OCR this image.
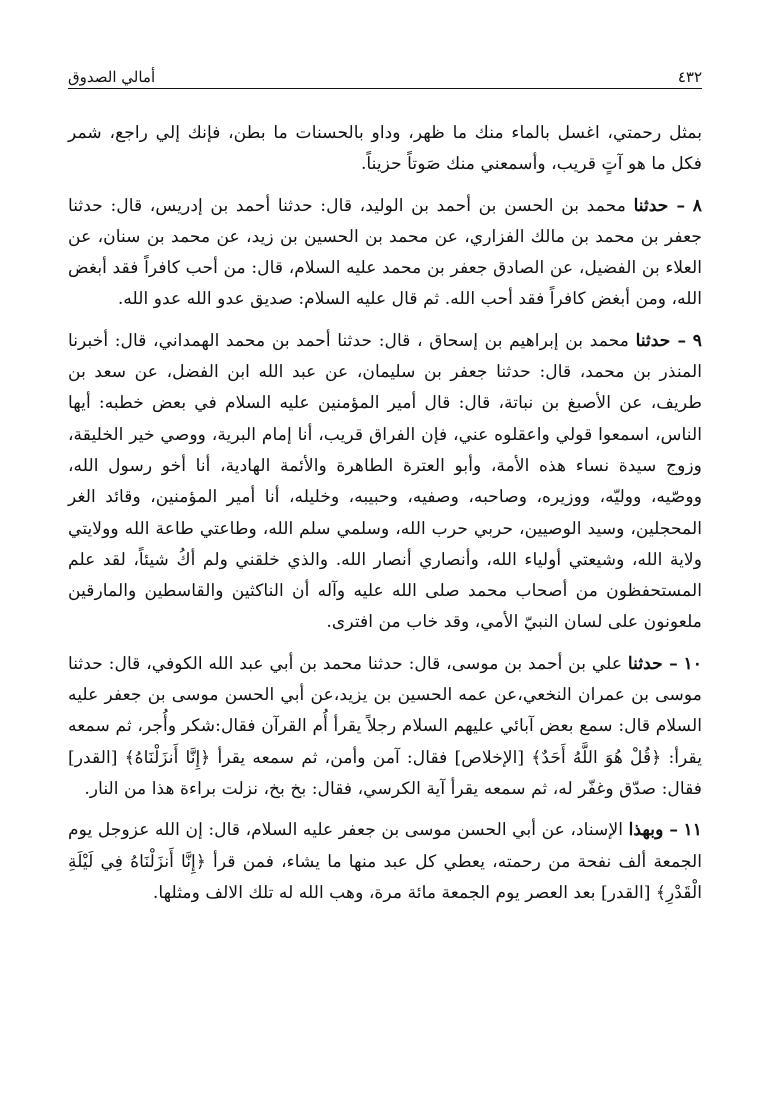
٤٣٢
أمالي الصدوق

بمثل رحمتي، اغسل بالماء منك ما ظهر، وداو بالحسنات ما بطن، فإنك إلي راجع، شمر فكل ما هو آتٍ قريب، وأسمعني منك صَوتاً حزيناً.

٨ – حدثنا محمد بن الحسن بن أحمد بن الوليد، قال: حدثنا أحمد بن إدريس، قال: حدثنا جعفر بن محمد بن مالك الفزاري، عن محمد بن الحسين بن زيد، عن محمد بن سنان، عن العلاء بن الفضيل، عن الصادق جعفر بن محمد عليه السلام، قال: من أحب كافراً فقد أبغض الله، ومن أبغض كافراً فقد أحب الله. ثم قال عليه السلام: صديق عدو الله عدو الله.

٩ – حدثنا محمد بن إبراهيم بن إسحاق ، قال: حدثنا أحمد بن محمد الهمداني، قال: أخبرنا المنذر بن محمد، قال: حدثنا جعفر بن سليمان، عن عبد الله ابن الفضل، عن سعد بن طريف، عن الأصبغ بن نباتة، قال: قال أمير المؤمنين عليه السلام في بعض خطبه: أيها الناس، اسمعوا قولي واعقلوه عني، فإن الفراق قريب، أنا إمام البرية، ووصي خير الخليقة، وزوج سيدة نساء هذه الأمة، وأبو العترة الطاهرة والأئمة الهادية، أنا أخو رسول الله، ووصّيه، ووليّه، ووزيره، وصاحبه، وصفيه، وحبيبه، وخليله، أنا أمير المؤمنين، وقائد الغر المحجلين، وسيد الوصيين، حربي حرب الله، وسلمي سلم الله، وطاعتي طاعة الله وولايتي ولاية الله، وشيعتي أولياء الله، وأنصاري أنصار الله. والذي خلقني ولم أكُ شيئاً، لقد علم المستحفظون من أصحاب محمد صلى الله عليه وآله أن الناكثين والقاسطين والمارقين ملعونون على لسان النبيّ الأمي، وقد خاب من افترى.

١٠ – حدثنا علي بن أحمد بن موسى، قال: حدثنا محمد بن أبي عبد الله الكوفي، قال: حدثنا موسى بن عمران النخعي،عن عمه الحسين بن يزيد،عن أبي الحسن موسى بن جعفر عليه السلام قال: سمع بعض آبائي عليهم السلام رجلاً يقرأ أُم القرآن فقال:شكر وأُجر، ثم سمعه يقرأ: ﴿قُلْ هُوَ اللَّهُ أَحَدٌ﴾ [الإخلاص] فقال: آمن وأمن، ثم سمعه يقرأ ﴿إِنَّا أَنزَلْنَاهُ﴾ [القدر] فقال: صدّق وغفّر له، ثم سمعه يقرأ آية الكرسي، فقال: بخ بخ، نزلت براءة هذا من النار.

١١ – وبهذا الإسناد، عن أبي الحسن موسى بن جعفر عليه السلام، قال: إن الله عزوجل يوم الجمعة ألف نفحة من رحمته، يعطي كل عبد منها ما يشاء، فمن قرأ ﴿إِنَّا أَنزَلْنَاهُ فِي لَيْلَةِ الْقَدْرِ﴾ [القدر] بعد العصر يوم الجمعة مائة مرة، وهب الله له تلك الالف ومثلها.
